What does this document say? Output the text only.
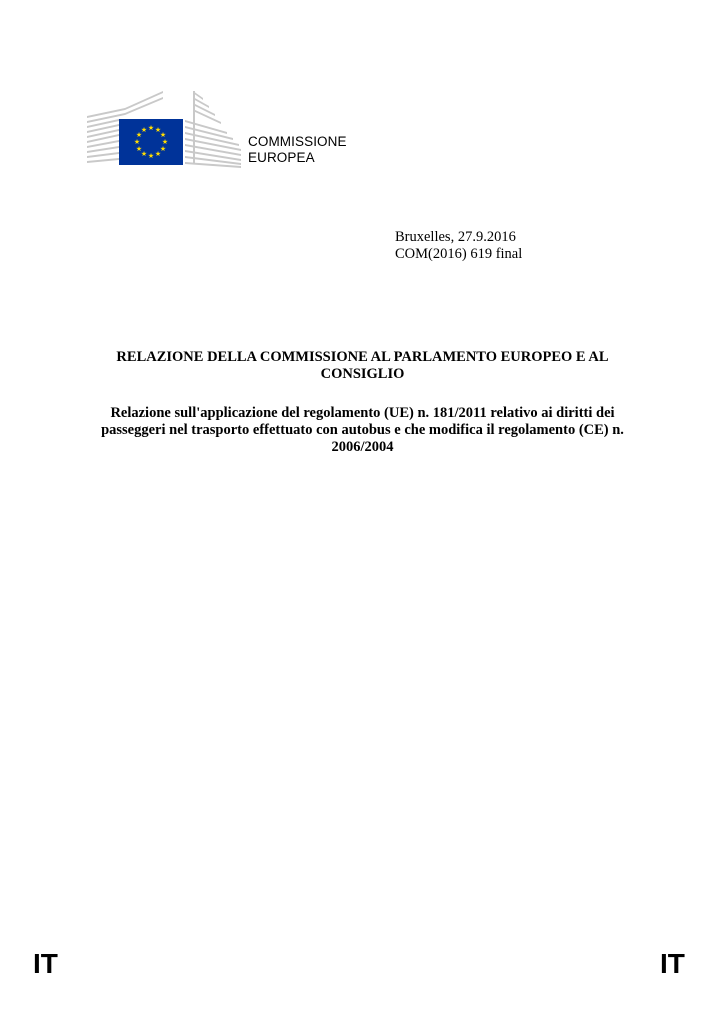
★ ★
★
★
★
★
★
★
★
★
★
★
COMMISSIONE
EUROPEA
Bruxelles, 27.9.2016
COM(2016) 619 final
RELAZIONE DELLA COMMISSIONE AL PARLAMENTO EUROPEO E AL CONSIGLIO
Relazione sull'applicazione del regolamento (UE) n. 181/2011 relativo ai diritti dei passeggeri nel trasporto effettuato con autobus e che modifica il regolamento (CE) n. 2006/2004
IT	IT
